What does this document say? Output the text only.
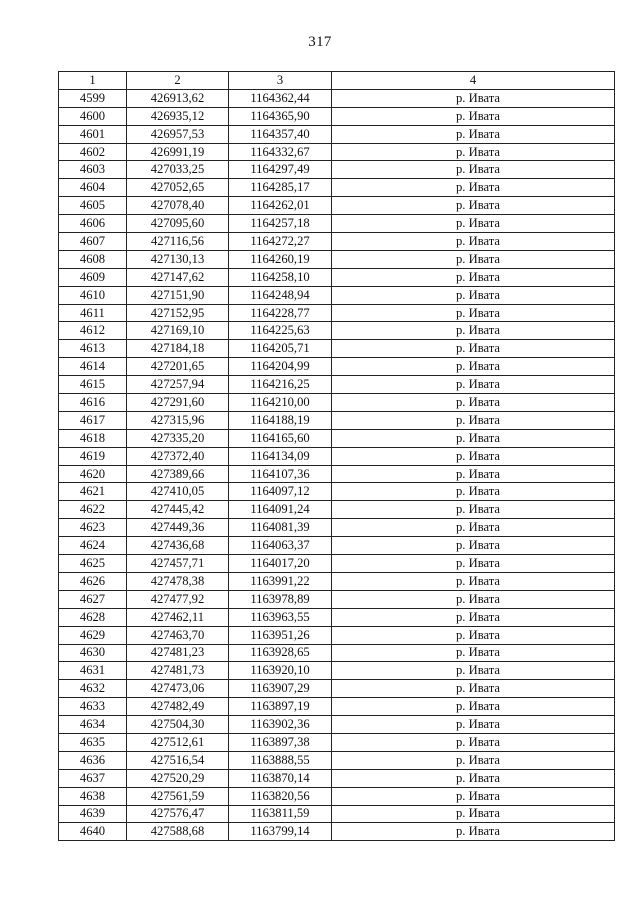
317
1	2	3	4
4599	426913,62	1164362,44	р. Ивата
4600	426935,12	1164365,90	р. Ивата
4601	426957,53	1164357,40	р. Ивата
4602	426991,19	1164332,67	р. Ивата
4603	427033,25	1164297,49	р. Ивата
4604	427052,65	1164285,17	р. Ивата
4605	427078,40	1164262,01	р. Ивата
4606	427095,60	1164257,18	р. Ивата
4607	427116,56	1164272,27	р. Ивата
4608	427130,13	1164260,19	р. Ивата
4609	427147,62	1164258,10	р. Ивата
4610	427151,90	1164248,94	р. Ивата
4611	427152,95	1164228,77	р. Ивата
4612	427169,10	1164225,63	р. Ивата
4613	427184,18	1164205,71	р. Ивата
4614	427201,65	1164204,99	р. Ивата
4615	427257,94	1164216,25	р. Ивата
4616	427291,60	1164210,00	р. Ивата
4617	427315,96	1164188,19	р. Ивата
4618	427335,20	1164165,60	р. Ивата
4619	427372,40	1164134,09	р. Ивата
4620	427389,66	1164107,36	р. Ивата
4621	427410,05	1164097,12	р. Ивата
4622	427445,42	1164091,24	р. Ивата
4623	427449,36	1164081,39	р. Ивата
4624	427436,68	1164063,37	р. Ивата
4625	427457,71	1164017,20	р. Ивата
4626	427478,38	1163991,22	р. Ивата
4627	427477,92	1163978,89	р. Ивата
4628	427462,11	1163963,55	р. Ивата
4629	427463,70	1163951,26	р. Ивата
4630	427481,23	1163928,65	р. Ивата
4631	427481,73	1163920,10	р. Ивата
4632	427473,06	1163907,29	р. Ивата
4633	427482,49	1163897,19	р. Ивата
4634	427504,30	1163902,36	р. Ивата
4635	427512,61	1163897,38	р. Ивата
4636	427516,54	1163888,55	р. Ивата
4637	427520,29	1163870,14	р. Ивата
4638	427561,59	1163820,56	р. Ивата
4639	427576,47	1163811,59	р. Ивата
4640	427588,68	1163799,14	р. Ивата
